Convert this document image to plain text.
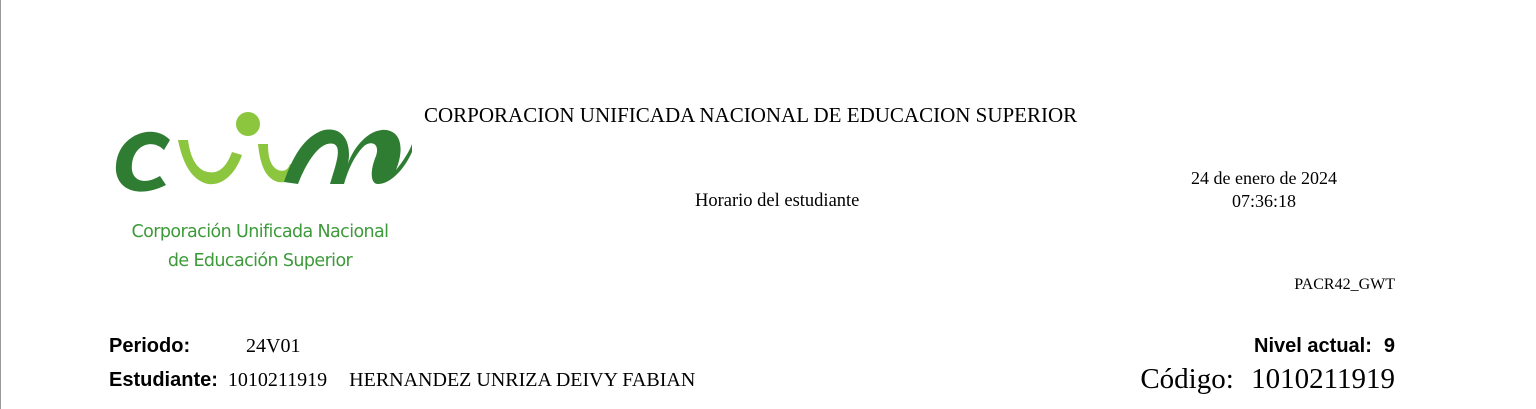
Corporación Unificada Nacional
de Educación Superior
CORPORACION UNIFICADA NACIONAL DE EDUCACION SUPERIOR
Horario del estudiante
24 de enero de 2024
07:36:18
PACR42_GWT
Periodo:	24V01
Estudiante: 1010211919 HERNANDEZ UNRIZA DEIVY FABIAN
Nivel actual: 9
Código: 1010211919
